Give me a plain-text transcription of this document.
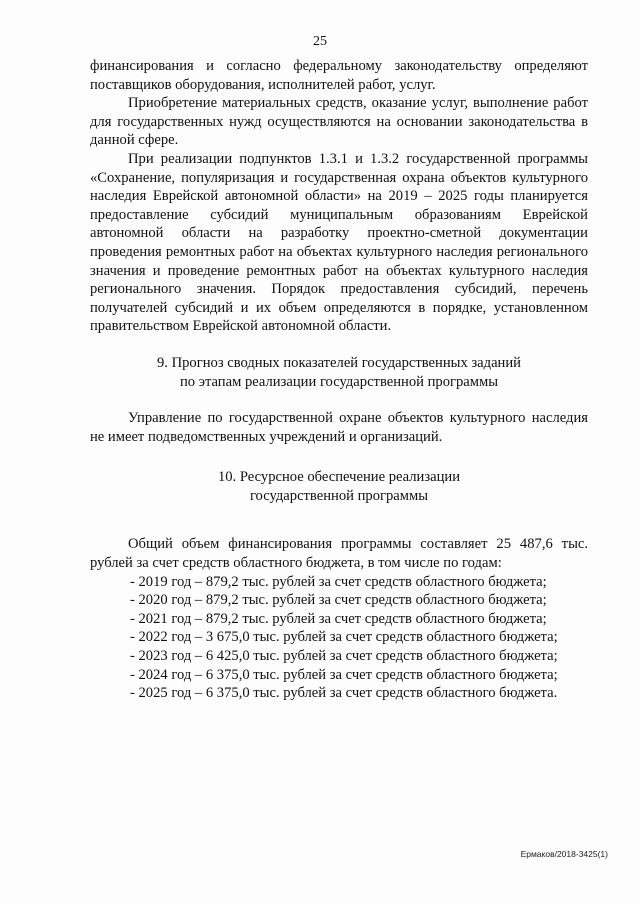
25

финансирования и согласно федеральному законодательству определяют поставщиков оборудования, исполнителей работ, услуг.

Приобретение материальных средств, оказание услуг, выполнение работ для государственных нужд осуществляются на основании законодательства в данной сфере.

При реализации подпунктов 1.3.1 и 1.3.2 государственной программы «Сохранение, популяризация и государственная охрана объектов культурного наследия Еврейской автономной области» на 2019 – 2025 годы планируется предоставление субсидий муниципальным образованиям Еврейской автономной области на разработку проектно-сметной документации проведения ремонтных работ на объектах культурного наследия регионального значения и проведение ремонтных работ на объектах культурного наследия регионального значения. Порядок предоставления субсидий, перечень получателей субсидий и их объем определяются в порядке, установленном правительством Еврейской автономной области.

9. Прогноз сводных показателей государственных заданий

по этапам реализации государственной программы

Управление по государственной охране объектов культурного наследия не имеет подведомственных учреждений и организаций.

10. Ресурсное обеспечение реализации

государственной программы

Общий объем финансирования программы составляет 25 487,6 тыс. рублей за счет средств областного бюджета, в том числе по годам:

- 2019 год – 879,2 тыс. рублей за счет средств областного бюджета;
- 2020 год – 879,2 тыс. рублей за счет средств областного бюджета;
- 2021 год – 879,2 тыс. рублей за счет средств областного бюджета;
- 2022 год – 3 675,0 тыс. рублей за счет средств областного бюджета;
- 2023 год – 6 425,0 тыс. рублей за счет средств областного бюджета;
- 2024 год – 6 375,0 тыс. рублей за счет средств областного бюджета;
- 2025 год – 6 375,0 тыс. рублей за счет средств областного бюджета.
Ермаков/2018-3425(1)
